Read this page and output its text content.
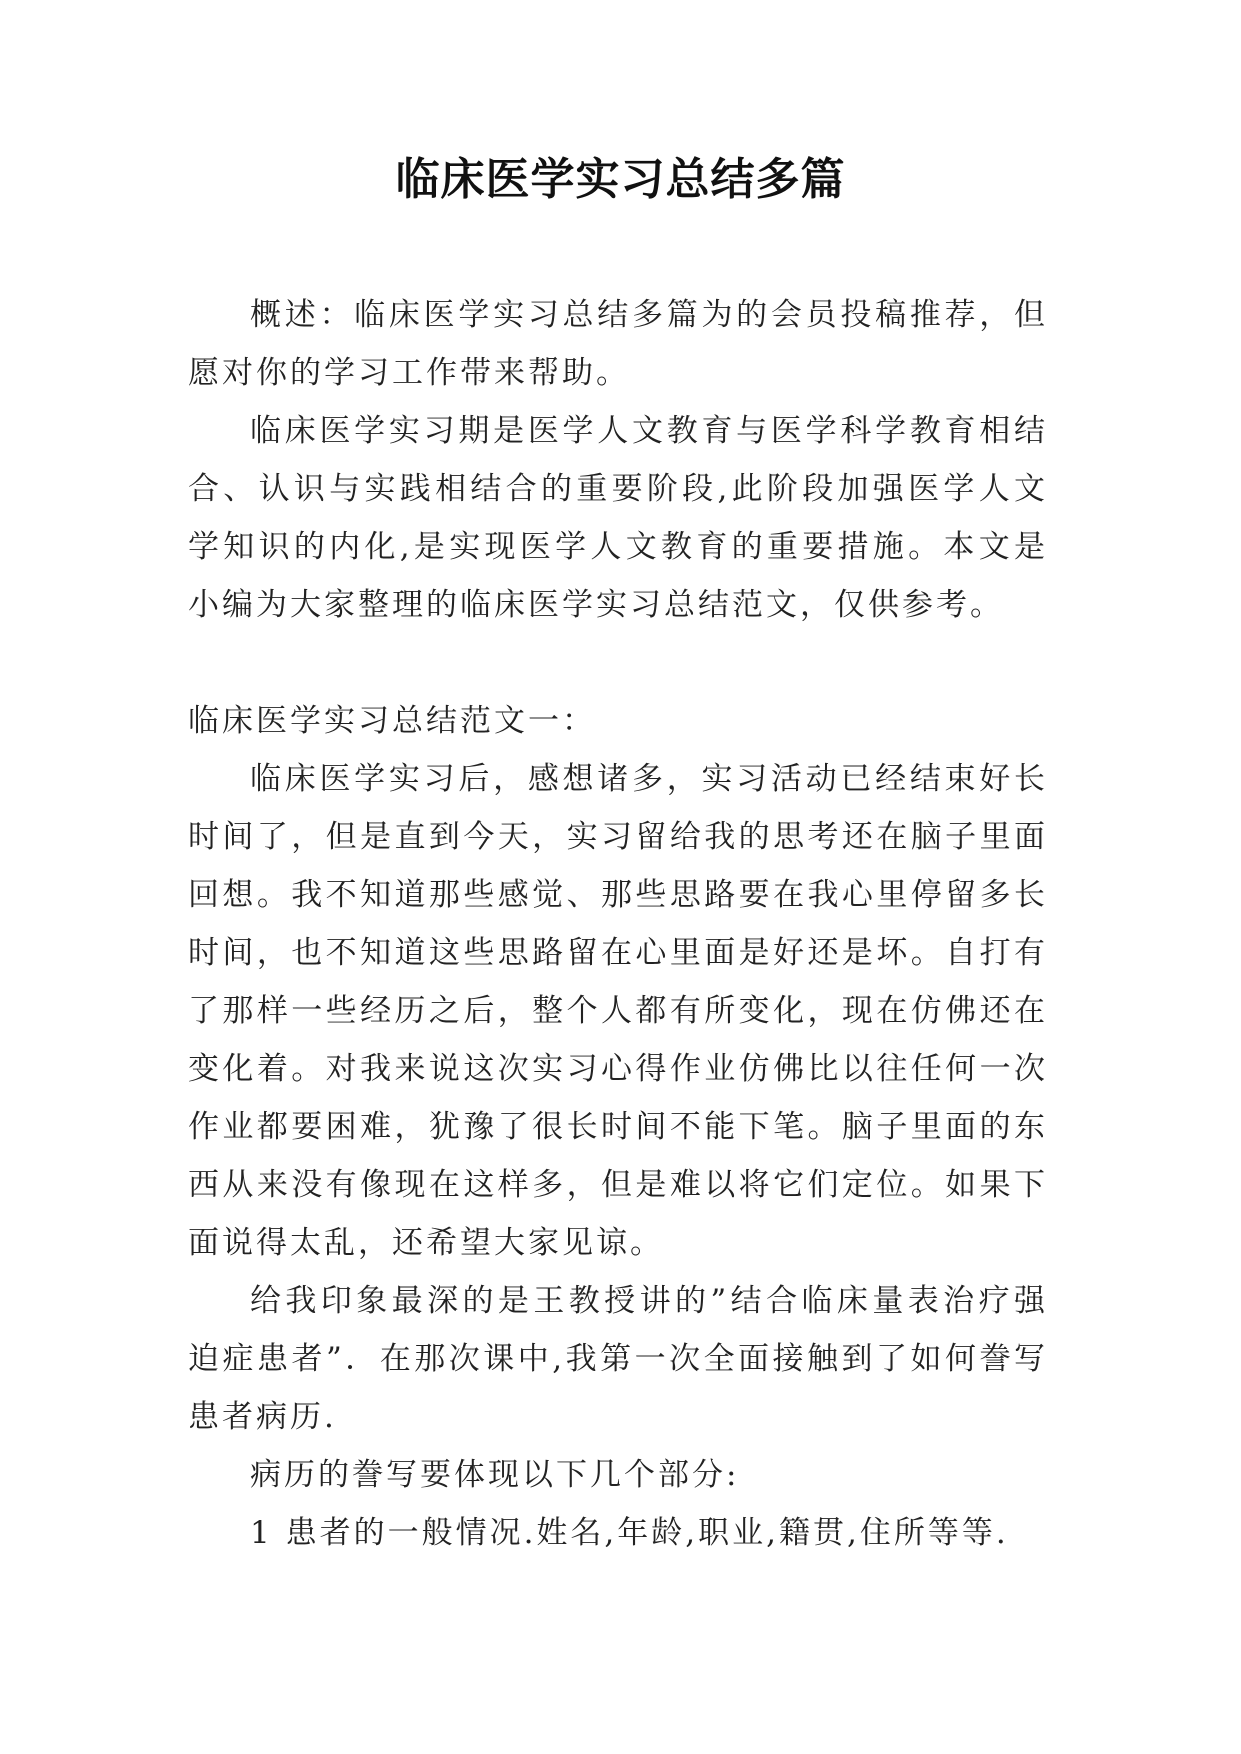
临床医学实习总结多篇

概述：临床医学实习总结多篇为的会员投稿推荐，但愿对你的学习工作带来帮助。

临床医学实习期是医学人文教育与医学科学教育相结合、认识与实践相结合的重要阶段,此阶段加强医学人文学知识的内化,是实现医学人文教育的重要措施。本文是小编为大家整理的临床医学实习总结范文，仅供参考。

临床医学实习总结范文一：

临床医学实习后，感想诸多，实习活动已经结束好长时间了，但是直到今天，实习留给我的思考还在脑子里面回想。我不知道那些感觉、那些思路要在我心里停留多长时间，也不知道这些思路留在心里面是好还是坏。自打有了那样一些经历之后，整个人都有所变化，现在仿佛还在变化着。对我来说这次实习心得作业仿佛比以往任何一次作业都要困难，犹豫了很长时间不能下笔。脑子里面的东西从来没有像现在这样多，但是难以将它们定位。如果下面说得太乱，还希望大家见谅。

给我印象最深的是王教授讲的”结合临床量表治疗强迫症患者”．在那次课中,我第一次全面接触到了如何誊写患者病历.

病历的誊写要体现以下几个部分:

1 患者的一般情况.姓名,年龄,职业,籍贯,住所等等.
